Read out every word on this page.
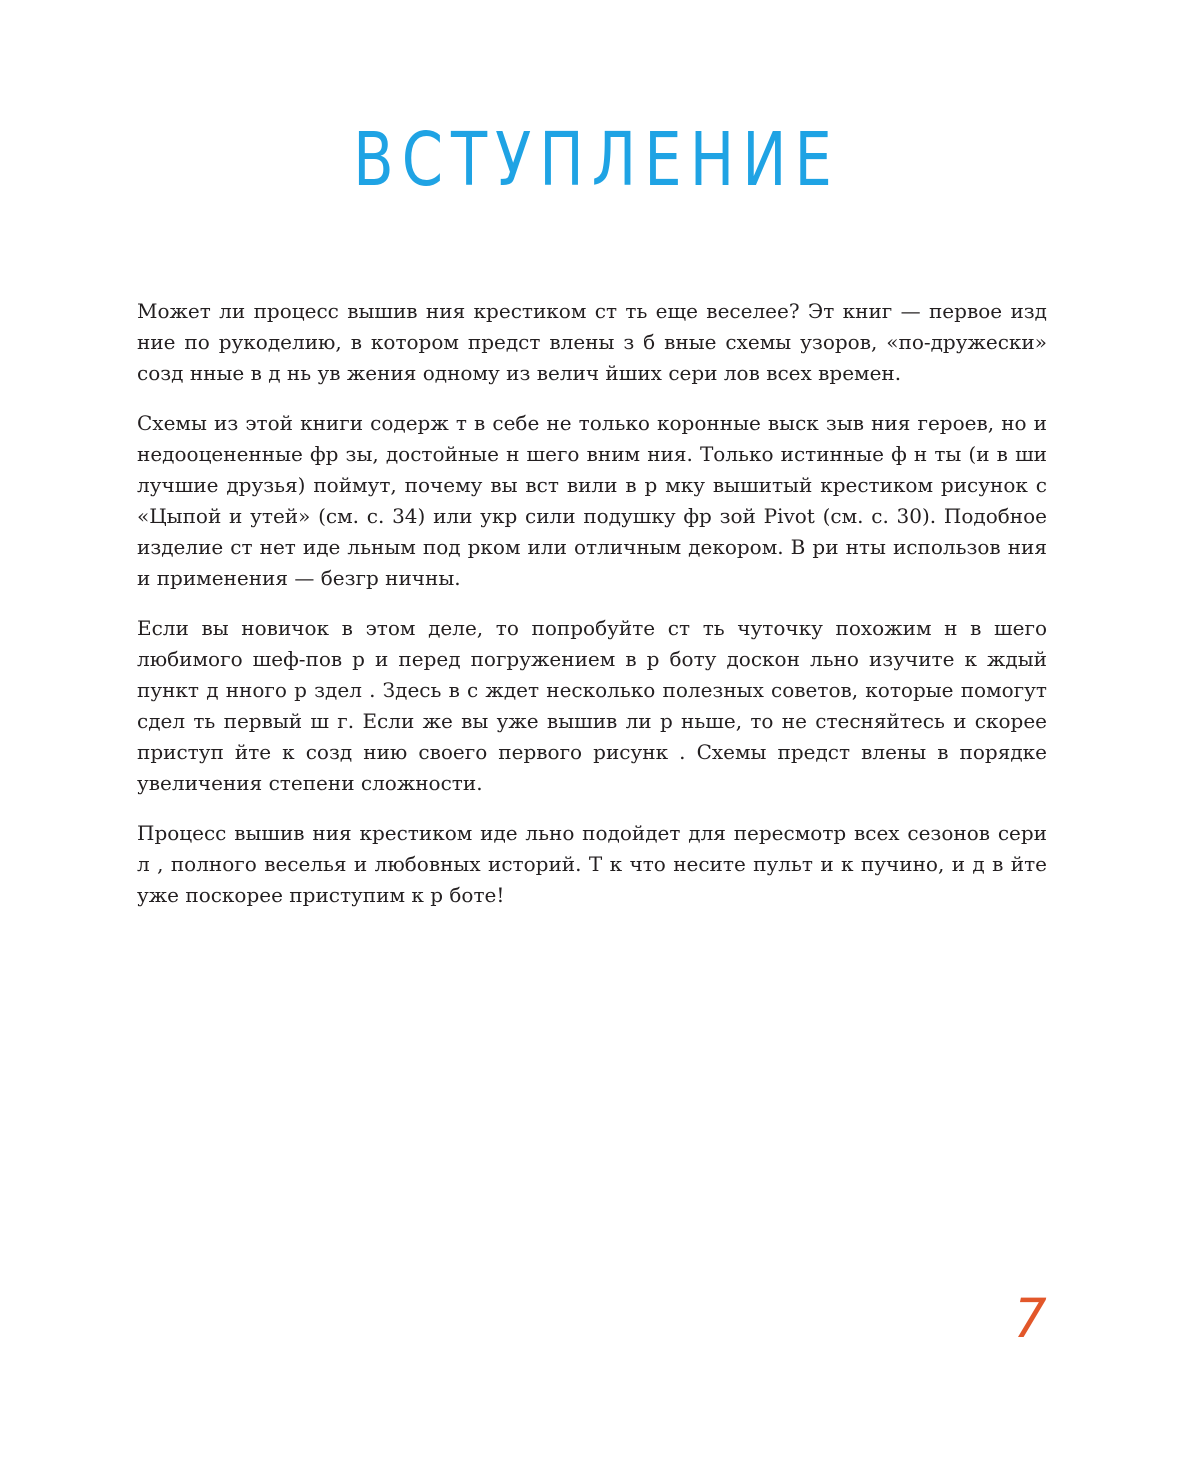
ВСТУПЛЕНИЕ

Может ли процесс вышив ния крестиком ст ть еще веселее? Эт книг — первое изд ние по рукоделию, в котором предст влены з б вные схемы узоров, «по-дружески» созд нные в д нь ув жения одному из велич йших сери лов всех времен.

Схемы из этой книги содерж т в себе не только коронные выск зыв ния героев, но и недооцененные фр зы, достойные н шего вним ния. Только истинные ф н ты (и в ши лучшие друзья) поймут, почему вы вст вили в р мку вышитый крестиком рисунок с «Цыпой и утей» (см. с. 34) или укр сили подушку фр зой Pivot (см. с. 30). Подобное изделие ст нет иде льным под рком или отличным декором. В ри нты использов ния и применения — безгр ничны.

Если вы новичок в этом деле, то попробуйте ст ть чуточку похожим н в шего любимого шеф-пов р и перед погружением в р боту доскон льно изучите к ждый пункт д нного р здел . Здесь в с ждет несколько полезных советов, которые помогут сдел ть первый ш г. Если же вы уже вышив ли р ньше, то не стесняйтесь и скорее приступ йте к созд нию своего первого рисунк . Схемы предст влены в порядке увеличения степени сложности.

Процесс вышив ния крестиком иде льно подойдет для пересмотр всех сезонов сери л , полного веселья и любовных историй. Т к что несите пульт и к пучино, и д в йте уже поскорее приступим к р боте!

7
